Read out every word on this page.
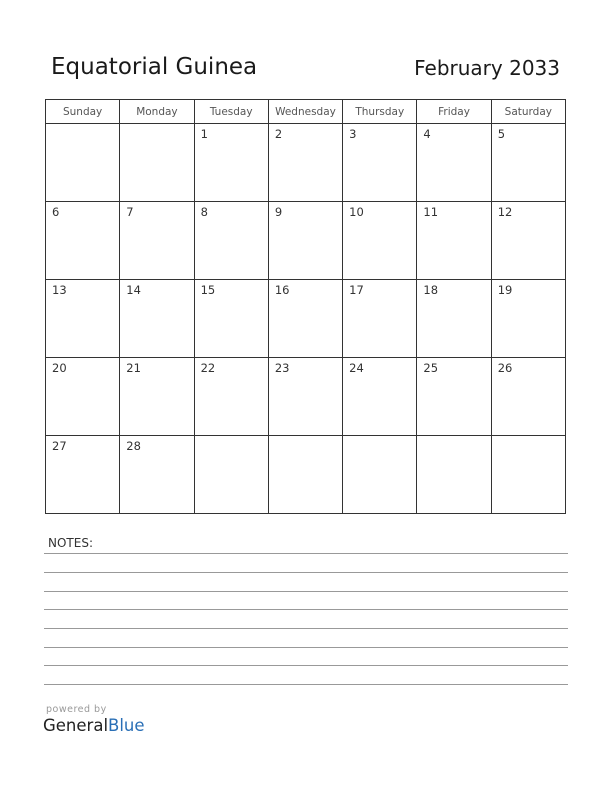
Equatorial Guinea	February 2033
Sunday	Monday	Tuesday	Wednesday	Thursday	Friday	Saturday

		1	2	3	4	5

6	7	8	9	10	11	12

13	14	15	16	17	18	19

20	21	22	23	24	25	26

27	28					

NOTES:
powered by
GeneralBlue
